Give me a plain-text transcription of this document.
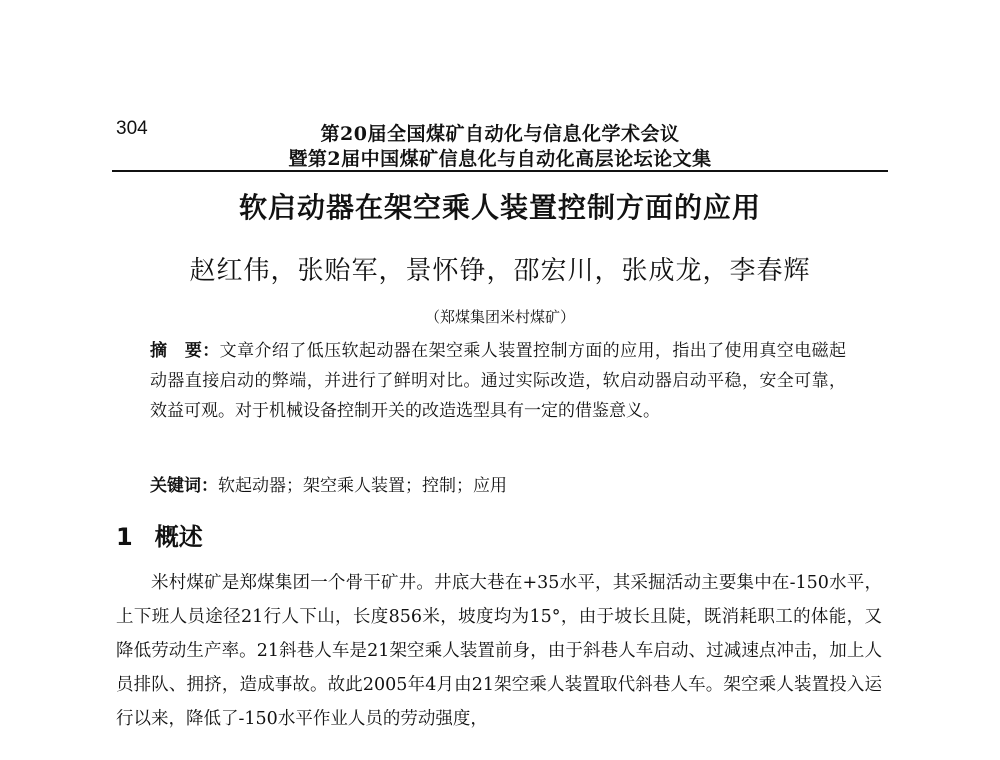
304	第20届全国煤矿自动化与信息化学术会议
暨第2届中国煤矿信息化与自动化高层论坛论文集
软启动器在架空乘人装置控制方面的应用
赵红伟，张贻军，景怀铮，邵宏川，张成龙，李春辉
（郑煤集团米村煤矿）
摘　要：文章介绍了低压软起动器在架空乘人装置控制方面的应用，指出了使用真空电磁起动器直接启动的弊端，并进行了鲜明对比。通过实际改造，软启动器启动平稳，安全可靠，效益可观。对于机械设备控制开关的改造选型具有一定的借鉴意义。
关键词：软起动器；架空乘人装置；控制；应用
1 概述
米村煤矿是郑煤集团一个骨干矿井。井底大巷在+35水平，其采掘活动主要集中在-150水平，上下班人员途径21行人下山，长度856米，坡度均为15°，由于坡长且陡，既消耗职工的体能，又降低劳动生产率。21斜巷人车是21架空乘人装置前身，由于斜巷人车启动、过减速点冲击，加上人员排队、拥挤，造成事故。故此2005年4月由21架空乘人装置取代斜巷人车。架空乘人装置投入运行以来，降低了-150水平作业人员的劳动强度，
